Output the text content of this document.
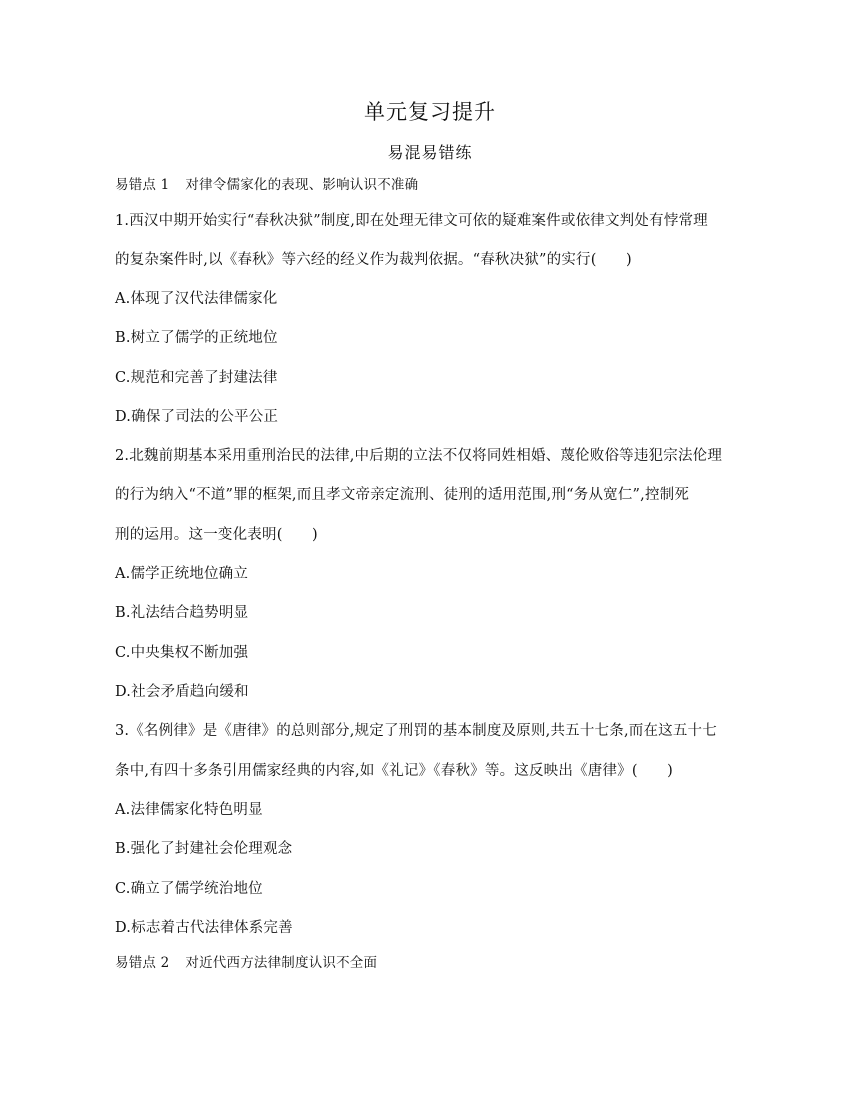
单元复习提升
易混易错练
易错点 1 对律令儒家化的表现、影响认识不准确
1.西汉中期开始实行“春秋决狱”制度,即在处理无律文可依的疑难案件或依律文判处有悖常理
的复杂案件时,以《春秋》等六经的经义作为裁判依据。“春秋决狱”的实行(　　)
A.体现了汉代法律儒家化
B.树立了儒学的正统地位
C.规范和完善了封建法律
D.确保了司法的公平公正
2.北魏前期基本采用重刑治民的法律,中后期的立法不仅将同姓相婚、蔑伦败俗等违犯宗法伦理
的行为纳入“不道”罪的框架,而且孝文帝亲定流刑、徒刑的适用范围,刑“务从宽仁”,控制死
刑的运用。这一变化表明(　　)
A.儒学正统地位确立
B.礼法结合趋势明显
C.中央集权不断加强
D.社会矛盾趋向缓和
3.《名例律》是《唐律》的总则部分,规定了刑罚的基本制度及原则,共五十七条,而在这五十七
条中,有四十多条引用儒家经典的内容,如《礼记》《春秋》等。这反映出《唐律》(　　)
A.法律儒家化特色明显
B.强化了封建社会伦理观念
C.确立了儒学统治地位
D.标志着古代法律体系完善
易错点 2 对近代西方法律制度认识不全面
